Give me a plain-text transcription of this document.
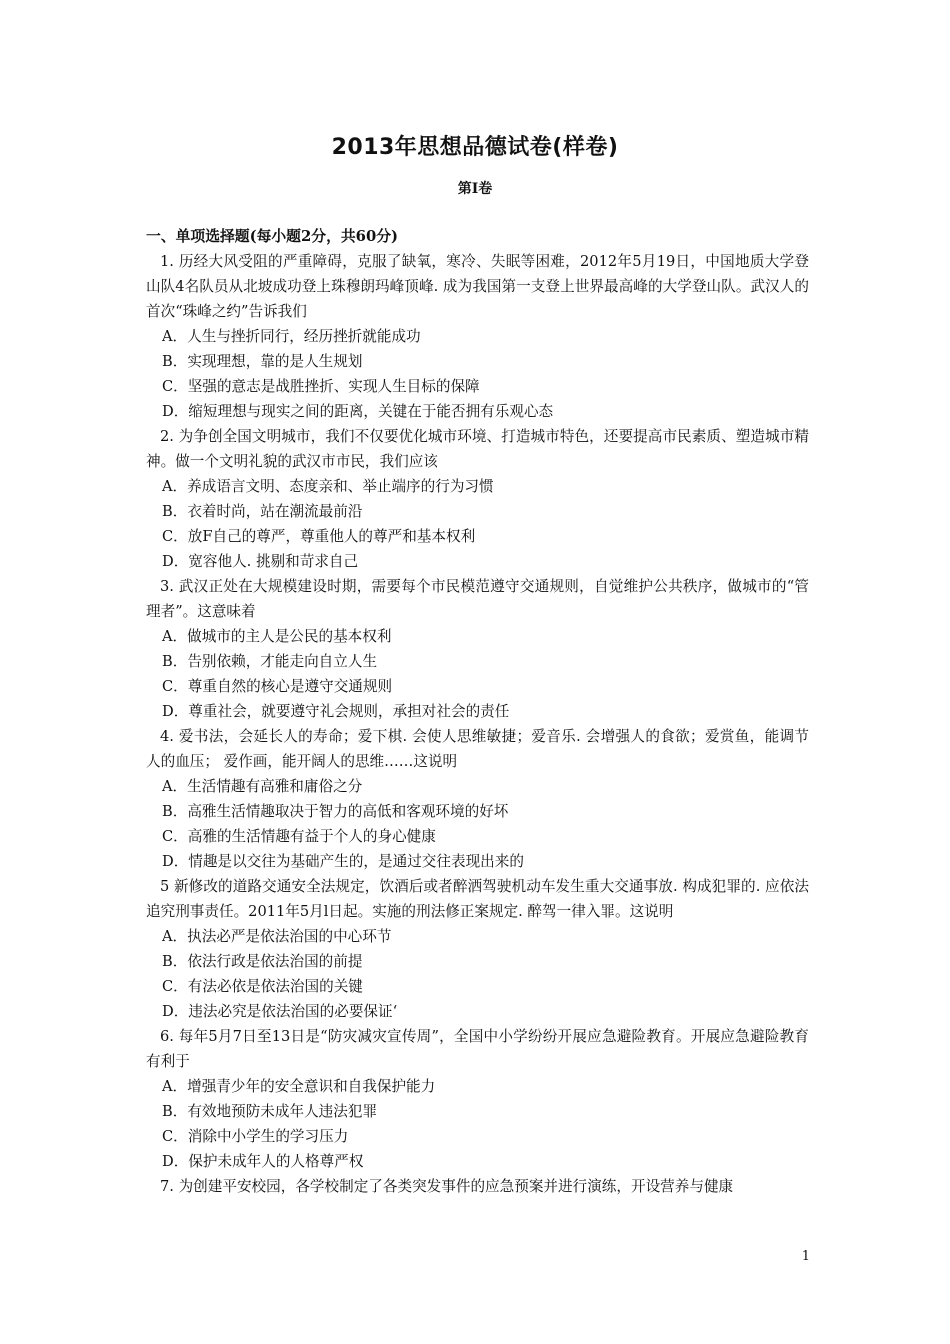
2013年思想品德试卷(样卷)
第Ⅰ卷
一、单项选择题(每小题2分，共60分)

1. 历经大风受阻的严重障碍，克服了缺氧，寒冷、失眠等困难，2012年5月19日，中国地质大学登山队4名队员从北坡成功登上珠穆朗玛峰顶峰. 成为我国第一支登上世界最高峰的大学登山队。武汉人的首次“珠峰之约”告诉我们

A．人生与挫折同行，经历挫折就能成功

B．实现理想，靠的是人生规划

C．坚强的意志是战胜挫折、实现人生目标的保障

D．缩短理想与现实之间的距离，关键在于能否拥有乐观心态

2. 为争创全国文明城市，我们不仅要优化城市环境、打造城市特色，还要提高市民素质、塑造城市精神。做一个文明礼貌的武汉市市民，我们应该

A．养成语言文明、态度亲和、举止端序的行为习惯

B．衣着时尚，站在潮流最前沿

C．放F自己的尊严，尊重他人的尊严和基本权利

D．宽容他人. 挑剔和苛求自己

3. 武汉正处在大规模建设时期，需要每个市民模范遵守交通规则，自觉维护公共秩序，做城市的“管理者”。这意味着

A．做城市的主人是公民的基本权利

B．告别依赖，才能走向自立人生

C．尊重自然的核心是遵守交通规则

D．尊重社会，就要遵守礼会规则，承担对社会的责任

4. 爱书法，会延长人的寿命；爱下棋. 会使人思维敏捷；爱音乐. 会增强人的食欲；爱赏鱼，能调节人的血压； 爱作画，能开阔人的思维……这说明

A．生活情趣有高雅和庸俗之分

B．高雅生活情趣取决于智力的高低和客观环境的好坏

C．高雅的生活情趣有益于个人的身心健康

D．情趣是以交往为基础产生的，是通过交往表现出来的

5 新修改的道路交通安全法规定，饮酒后或者醉洒驾驶机动车发生重大交通事放. 构成犯罪的. 应依法追究刑事责任。2011年5月l日起。实施的刑法修正案规定. 醉驾一律入罪。这说明

A．执法必严是依法治国的中心环节

B．依法行政是依法治国的前提

C．有法必依是依法治国的关键

D．违法必究是依法治国的必要保证‘

6. 每年5月7日至13日是“防灾减灾宣传周”，全国中小学纷纷开展应急避险教育。开展应急避险教育有利于

A．增强青少年的安全意识和自我保护能力

B．有效地预防未成年人违法犯罪

C．消除中小学生的学习压力

D．保护未成年人的人格尊严权

7. 为创建平安校园，各学校制定了各类突发事件的应急预案并进行演练，开设营养与健康

1
